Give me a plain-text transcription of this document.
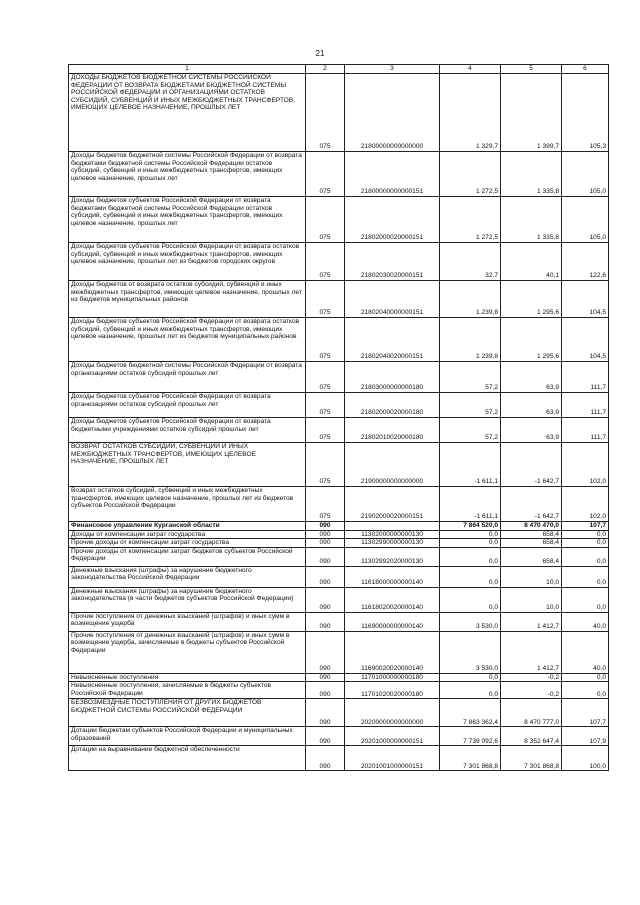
21
1	2	3	4	5	6
ДОХОДЫ БЮДЖЕТОВ БЮДЖЕТНОЙ СИСТЕМЫ РОССИЙСКОЙ ФЕДЕРАЦИИ ОТ ВОЗВРАТА БЮДЖЕТАМИ БЮДЖЕТНОЙ СИСТЕМЫ РОССИЙСКОЙ ФЕДЕРАЦИИ И ОРГАНИЗАЦИЯМИ ОСТАТКОВ СУБСИДИЙ, СУБВЕНЦИЙ И ИНЫХ МЕЖБЮДЖЕТНЫХ ТРАНСФЕРТОВ, ИМЕЮЩИХ ЦЕЛЕВОЕ НАЗНАЧЕНИЕ, ПРОШЛЫХ ЛЕТ	075	21800000000000000	1 329,7	1 399,7	105,3
Доходы бюджетов бюджетной системы Российской Федерации от возврата бюджетами бюджетной системы Российской Федерации остатков субсидий, субвенций и иных межбюджетных трансфертов, имеющих целевое назначение, прошлых лет	075	21800000000000151	1 272,5	1 335,8	105,0
Доходы бюджетов субъектов Российской Федерации от возврата бюджетами бюджетной системы Российской Федерации остатков субсидий, субвенций и иных межбюджетных трансфертов, имеющих целевое назначение, прошлых лет	075	21802000020000151	1 272,5	1 335,8	105,0
Доходы бюджетов субъектов Российской Федерации от возврата остатков субсидий, субвенций и иных межбюджетных трансфертов, имеющих целевое назначение, прошлых лет из бюджетов городских округов	075	21802030020000151	32,7	40,1	122,6
Доходы бюджетов от возврата остатков субсидий, субвенций и иных межбюджетных трансфертов, имеющих целевое назначение, прошлых лет из бюджетов муниципальных районов	075	21802040000000151	1 239,8	1 295,6	104,5
Доходы бюджетов субъектов Российской Федерации от возврата остатков субсидий, субвенций и иных межбюджетных трансфертов, имеющих целевое назначение, прошлых лет из бюджетов муниципальных районов	075	21802040020000151	1 239,8	1 295,6	104,5
Доходы бюджетов бюджетной системы Российской Федерации от возврата организациями остатков субсидий прошлых лет	075	21803000000000180	57,2	63,9	111,7
Доходы бюджетов субъектов Российской Федерации от возврата организациями остатков субсидий прошлых лет	075	21802000020000180	57,2	63,9	111,7
Доходы бюджетов субъектов Российской Федерации от возврата бюджетными учреждениями остатков субсидий прошлых лет	075	21802010020000180	57,2	63,9	111,7
ВОЗВРАТ ОСТАТКОВ СУБСИДИЙ, СУБВЕНЦИЙ И ИНЫХ МЕЖБЮДЖЕТНЫХ ТРАНСФЕРТОВ, ИМЕЮЩИХ ЦЕЛЕВОЕ НАЗНАЧЕНИЕ, ПРОШЛЫХ ЛЕТ	075	21900000000000000	-1 611,1	-1 642,7	102,0
Возврат остатков субсидий, субвенций и иных межбюджетных трансфертов, имеющих целевое назначение, прошлых лет из бюджетов субъектов Российской Федерации	075	21902000020000151	-1 611,1	-1 642,7	102,0
Финансовое управление Курганской области	090		7 864 520,0	8 470 470,0	107,7
Доходы от компенсации затрат государства	090	11302000000000130	0,0	658,4	0,0
Прочие доходы от компенсации затрат государства	090	11302990000000130	0,0	658,4	0,0
Прочие доходы от компенсации затрат бюджетов субъектов Российской Федерации	090	11302992020000130	0,0	658,4	0,0
Денежные взыскания (штрафы) за нарушение бюджетного законодательства Российской Федерации	090	11618000000000140	0,0	10,0	0,0
Денежные взыскания (штрафы) за нарушение бюджетного законодательства (в части бюджетов субъектов Российской Федерации)	090	11618020020000140	0,0	10,0	0,0
Прочие поступления от денежных взысканий (штрафов) и иных сумм в возмещение ущерба	090	11690000000000140	3 530,0	1 412,7	40,0
Прочие поступления от денежных взысканий (штрафов) и иных сумм в возмещение ущерба, зачисляемые в бюджеты субъектов Российской Федерации	090	11690020020000140	3 530,0	1 412,7	40,0
Невыясненные поступления	090	11701000000000180	0,0	-0,2	0,0
Невыясненные поступления, зачисляемые в бюджеты субъектов Российской Федерации	090	11701020020000180	0,0	-0,2	0,0
БЕЗВОЗМЕЗДНЫЕ ПОСТУПЛЕНИЯ ОТ ДРУГИХ БЮДЖЕТОВ БЮДЖЕТНОЙ СИСТЕМЫ РОССИЙСКОЙ ФЕДЕРАЦИИ	090	20200000000000000	7 863 362,4	8 470 777,0	107,7
Дотации бюджетам субъектов Российской Федерации и муниципальных образований	090	20201000000000151	7 739 092,6	8 352 647,4	107,9
Дотации на выравнивание бюджетной обеспеченности	090	20201001000000151	7 301 868,8	7 301 868,8	100,0
